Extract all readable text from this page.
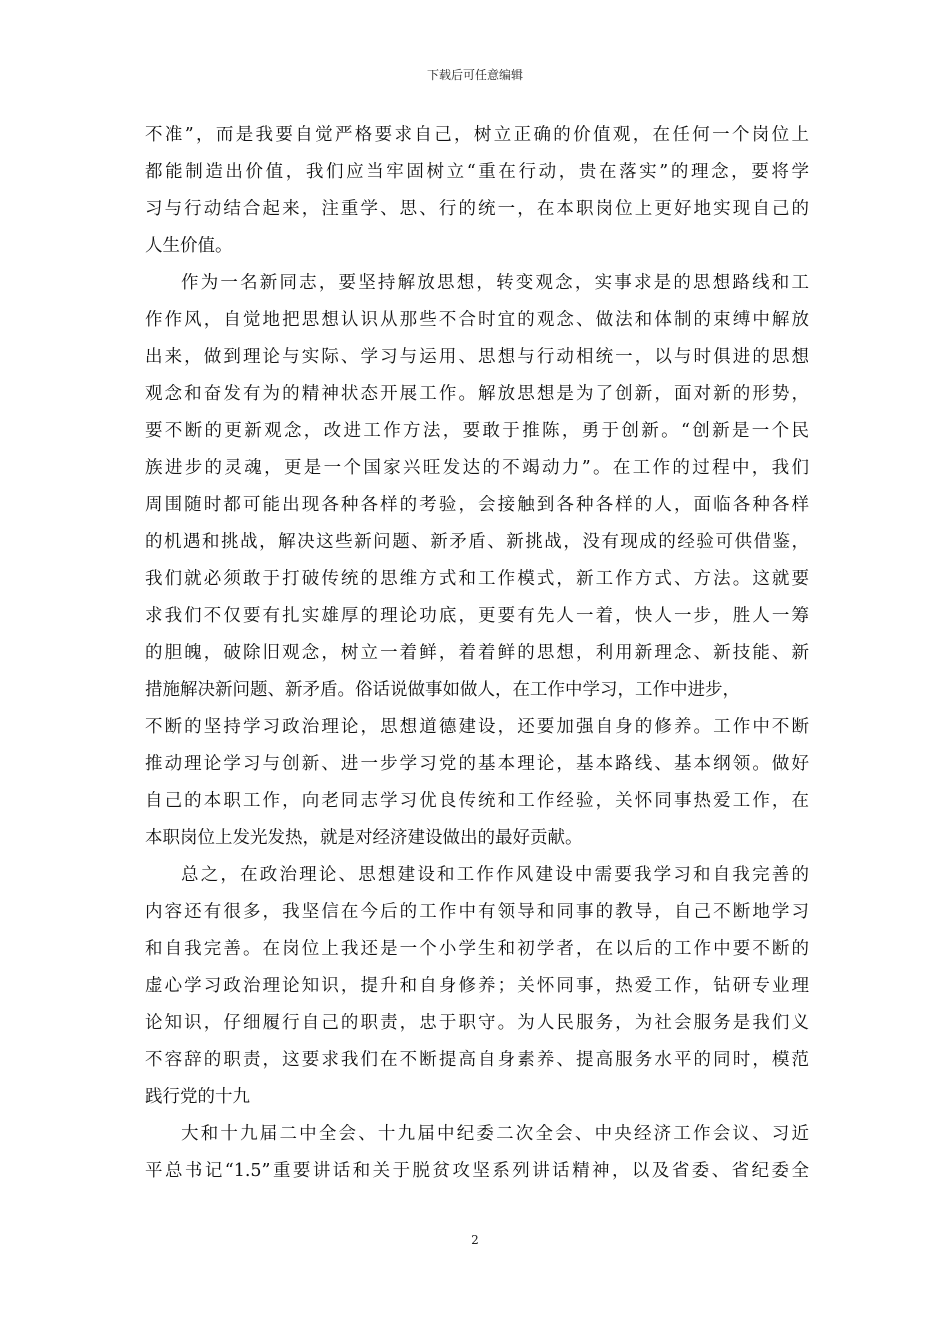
下载后可任意编辑
不准”，而是我要自觉严格要求自己，树立正确的价值观，在任何一个岗位上
都能制造出价值，我们应当牢固树立“重在行动，贵在落实”的理念，要将学
习与行动结合起来，注重学、思、行的统一，在本职岗位上更好地实现自己的
人生价值。
作为一名新同志，要坚持解放思想，转变观念，实事求是的思想路线和工
作作风，自觉地把思想认识从那些不合时宜的观念、做法和体制的束缚中解放
出来，做到理论与实际、学习与运用、思想与行动相统一，以与时俱进的思想
观念和奋发有为的精神状态开展工作。解放思想是为了创新，面对新的形势，
要不断的更新观念，改进工作方法，要敢于推陈，勇于创新。“创新是一个民
族进步的灵魂，更是一个国家兴旺发达的不竭动力”。在工作的过程中，我们
周围随时都可能出现各种各样的考验，会接触到各种各样的人，面临各种各样
的机遇和挑战，解决这些新问题、新矛盾、新挑战，没有现成的经验可供借鉴，
我们就必须敢于打破传统的思维方式和工作模式，新工作方式、方法。这就要
求我们不仅要有扎实雄厚的理论功底，更要有先人一着，快人一步，胜人一筹
的胆魄，破除旧观念，树立一着鲜，着着鲜的思想，利用新理念、新技能、新
措施解决新问题、新矛盾。俗话说做事如做人，在工作中学习，工作中进步，
不断的坚持学习政治理论，思想道德建设，还要加强自身的修养。工作中不断
推动理论学习与创新、进一步学习党的基本理论，基本路线、基本纲领。做好
自己的本职工作，向老同志学习优良传统和工作经验，关怀同事热爱工作，在
本职岗位上发光发热，就是对经济建设做出的最好贡献。
总之，在政治理论、思想建设和工作作风建设中需要我学习和自我完善的
内容还有很多，我坚信在今后的工作中有领导和同事的教导，自己不断地学习
和自我完善。在岗位上我还是一个小学生和初学者，在以后的工作中要不断的
虚心学习政治理论知识，提升和自身修养；关怀同事，热爱工作，钻研专业理
论知识，仔细履行自己的职责，忠于职守。为人民服务，为社会服务是我们义
不容辞的职责，这要求我们在不断提高自身素养、提高服务水平的同时，模范
践行党的十九
大和十九届二中全会、十九届中纪委二次全会、中央经济工作会议、习近
平总书记“1.5”重要讲话和关于脱贫攻坚系列讲话精神，以及省委、省纪委全
2
